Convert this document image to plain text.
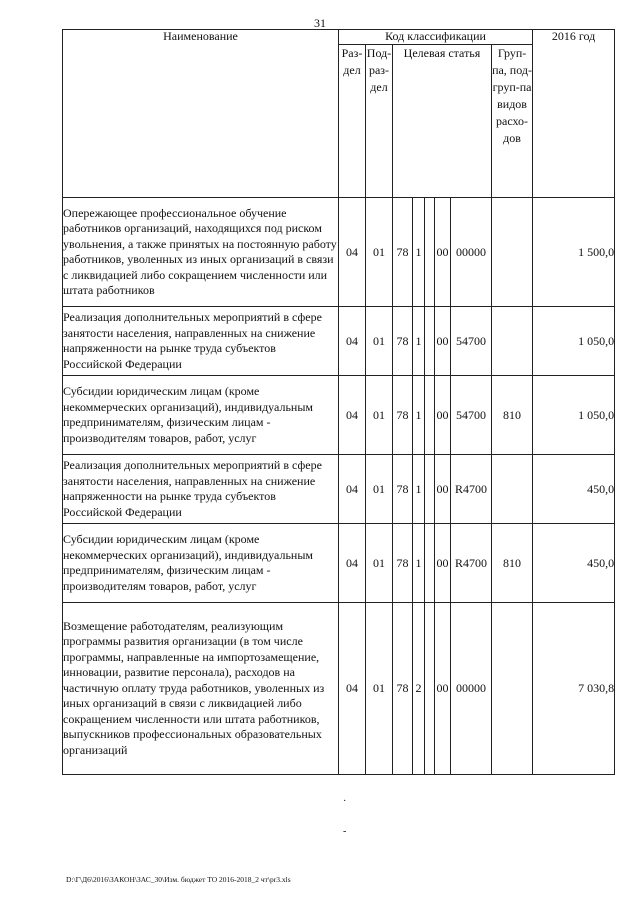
31
Наименование	Код классификации								2016 год
	Раз-дел	Под-раз-дел	Целевая статья					Груп-па, под-груп-па видов расхо-дов	
Опережающее профессиональное обучение работников организаций, находящихся под риском увольнения, а также принятых на постоянную работу работников, уволенных из иных организаций в связи с ликвидацией либо сокращением численности или штата работников	04	01	78	1		00	00000		1 500,0
Реализация дополнительных мероприятий в сфере занятости населения, направленных на снижение напряженности на рынке труда субъектов Российской Федерации	04	01	78	1		00	54700		1 050,0
Субсидии юридическим лицам (кроме некоммерческих организаций), индивидуальным предпринимателям, физическим лицам - производителям товаров, работ, услуг	04	01	78	1		00	54700	810	1 050,0
Реализация дополнительных мероприятий в сфере занятости населения, направленных на снижение напряженности на рынке труда субъектов Российской Федерации	04	01	78	1		00	R4700		450,0
Субсидии юридическим лицам (кроме некоммерческих организаций), индивидуальным предпринимателям, физическим лицам - производителям товаров, работ, услуг	04	01	78	1		00	R4700	810	450,0
Возмещение работодателям, реализующим программы развития организации (в том числе программы, направленные на импортозамещение, инновации, развитие персонала), расходов на частичную оплату труда работников, уволенных из иных организаций в связи с ликвидацией либо сокращением численности или штата работников, выпускников профессиональных образовательных организаций	04	01	78	2		00	00000		7 030,8
·
-
D:\Г\Д6\2016\ЗАКОН\ЗАС_30\Изм. бюджет ТО 2016-2018_2 чт\pr3.xls
